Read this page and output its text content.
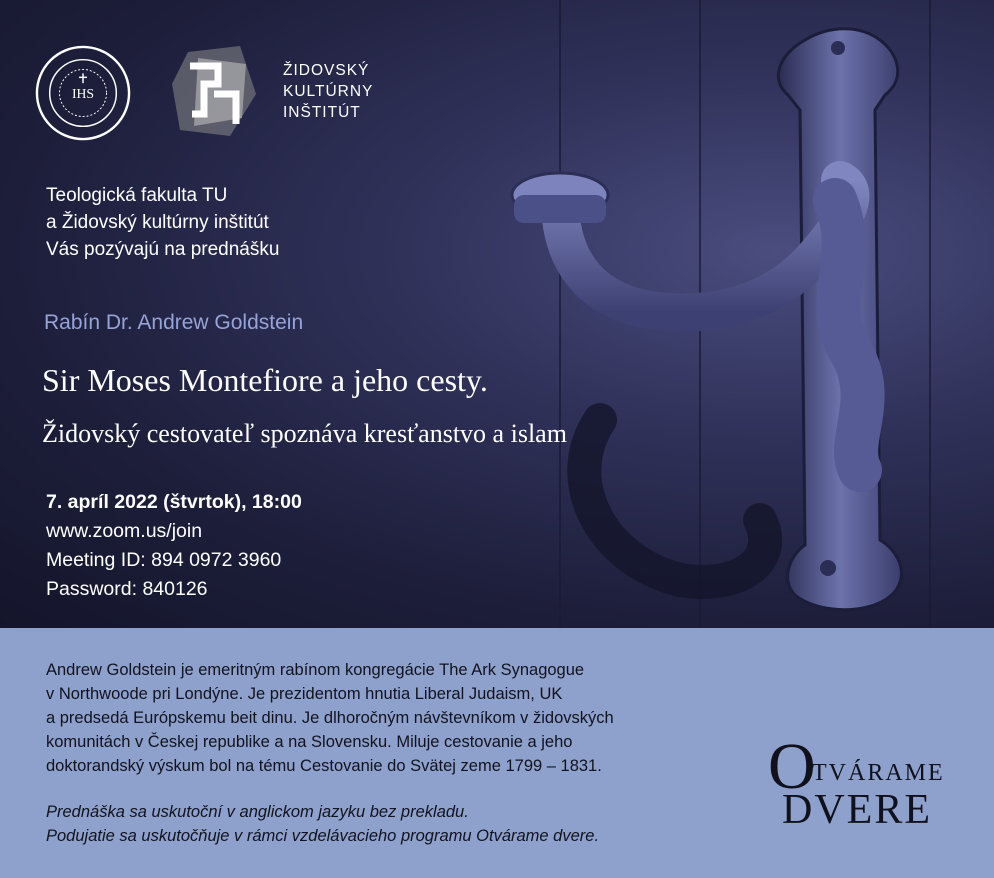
IHS
ŽIDOVSKÝ
KULTÚRNY
INŠTITÚT
Teologická fakulta TU
a Židovský kultúrny inštitút
Vás pozývajú na prednášku
Rabín Dr. Andrew Goldstein
Sir Moses Montefiore a jeho cesty.
Židovský cestovateľ spoznáva kresťanstvo a islam
7. apríl 2022 (štvrtok), 18:00
www.zoom.us/join
Meeting ID: 894 0972 3960
Password: 840126
Andrew Goldstein je emeritným rabínom kongregácie The Ark Synagogue
v Northwoode pri Londýne. Je prezidentom hnutia Liberal Judaism, UK
a predsedá Európskemu beit dinu. Je dlhoročným návštevníkom v židovských
komunitách v Českej republike a na Slovensku. Miluje cestovanie a jeho
doktorandský výskum bol na tému Cestovanie do Svätej zeme 1799 – 1831.
Prednáška sa uskutoční v anglickom jazyku bez prekladu.
Podujatie sa uskutočňuje v rámci vzdelávacieho programu Otvárame dvere.
O
TVÁRAME
DVERE
